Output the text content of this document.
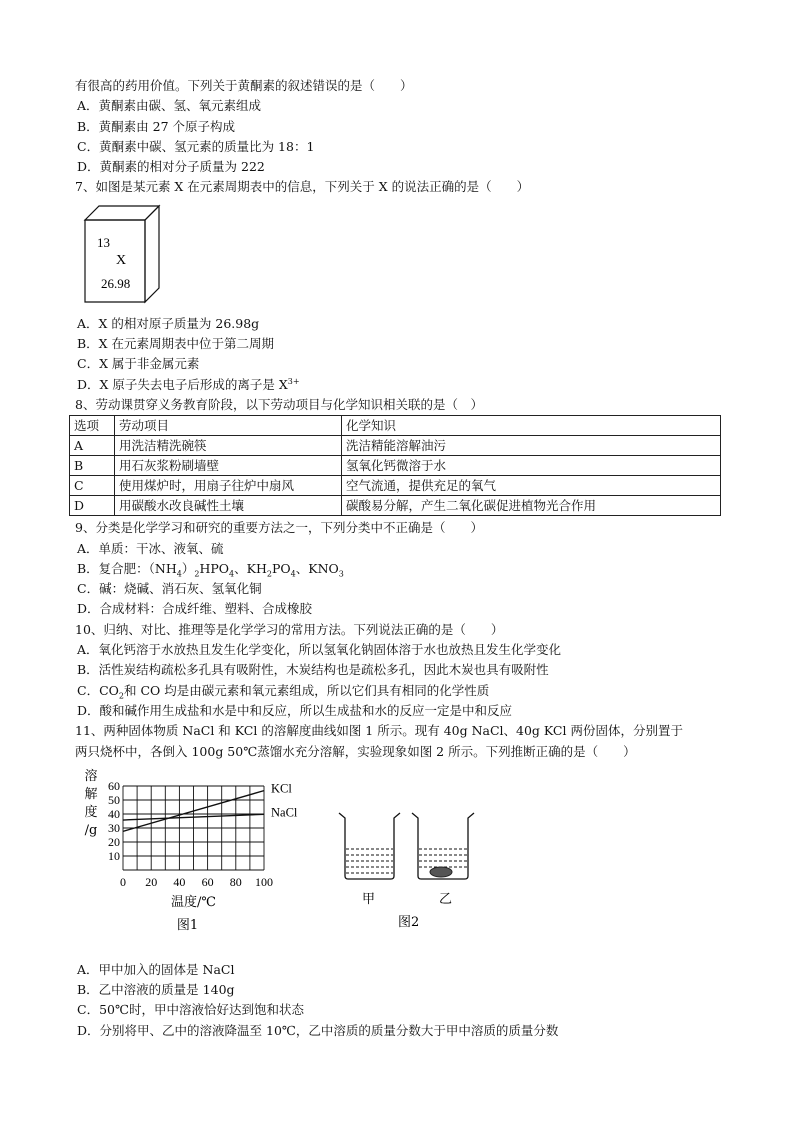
有很高的药用价值。下列关于黄酮素的叙述错误的是（　　）
A．黄酮素由碳、氢、氧元素组成
B．黄酮素由 27 个原子构成
C．黄酮素中碳、氢元素的质量比为 18：1
D．黄酮素的相对分子质量为 222
7、如图是某元素 X 在元素周期表中的信息，下列关于 X 的说法正确的是（　　）
13
X
26.98
A．X 的相对原子质量为 26.98g
B．X 在元素周期表中位于第二周期
C．X 属于非金属元素
D．X 原子失去电子后形成的离子是 $X^{3+}$
8、劳动课贯穿义务教育阶段，以下劳动项目与化学知识相关联的是（　）
选项	劳动项目	化学知识
A	用洗洁精洗碗筷	洗洁精能溶解油污
B	用石灰浆粉刷墙壁	氢氧化钙微溶于水
C	使用煤炉时，用扇子往炉中扇风	空气流通，提供充足的氧气
D	用碳酸水改良碱性土壤	碳酸易分解，产生二氧化碳促进植物光合作用
9、分类是化学学习和研究的重要方法之一，下列分类中不正确是（　　）
A．单质：干冰、液氧、硫
B．复合肥：$(NH_4)_2HPO_4$、$KH_2PO_4$、$KNO_3$
C．碱：烧碱、消石灰、氢氧化铜
D．合成材料：合成纤维、塑料、合成橡胶
10、归纳、对比、推理等是化学学习的常用方法。下列说法正确的是（　　）
A．氧化钙溶于水放热且发生化学变化，所以氢氧化钠固体溶于水也放热且发生化学变化
B．活性炭结构疏松多孔具有吸附性，木炭结构也是疏松多孔，因此木炭也具有吸附性
C．$CO_2$和 CO 均是由碳元素和氧元素组成，所以它们具有相同的化学性质
D．酸和碱作用生成盐和水是中和反应，所以生成盐和水的反应一定是中和反应
11、两种固体物质 NaCl 和 KCl 的溶解度曲线如图 1 所示。现有 40g NaCl、40g KCl 两份固体，分别置于
两只烧杯中，各倒入 100g 50℃蒸馏水充分溶解，实验现象如图 2 所示。下列推断正确的是（　　）
10
20
30
40
50
60
0 20 40 60 80 100
溶
解
度
/g
温度/℃
图1
KCl
NaCl
甲	乙
图2
A．甲中加入的固体是 NaCl
B．乙中溶液的质量是 140g
C．50℃时，甲中溶液恰好达到饱和状态
D．分别将甲、乙中的溶液降温至 10℃，乙中溶质的质量分数大于甲中溶质的质量分数
